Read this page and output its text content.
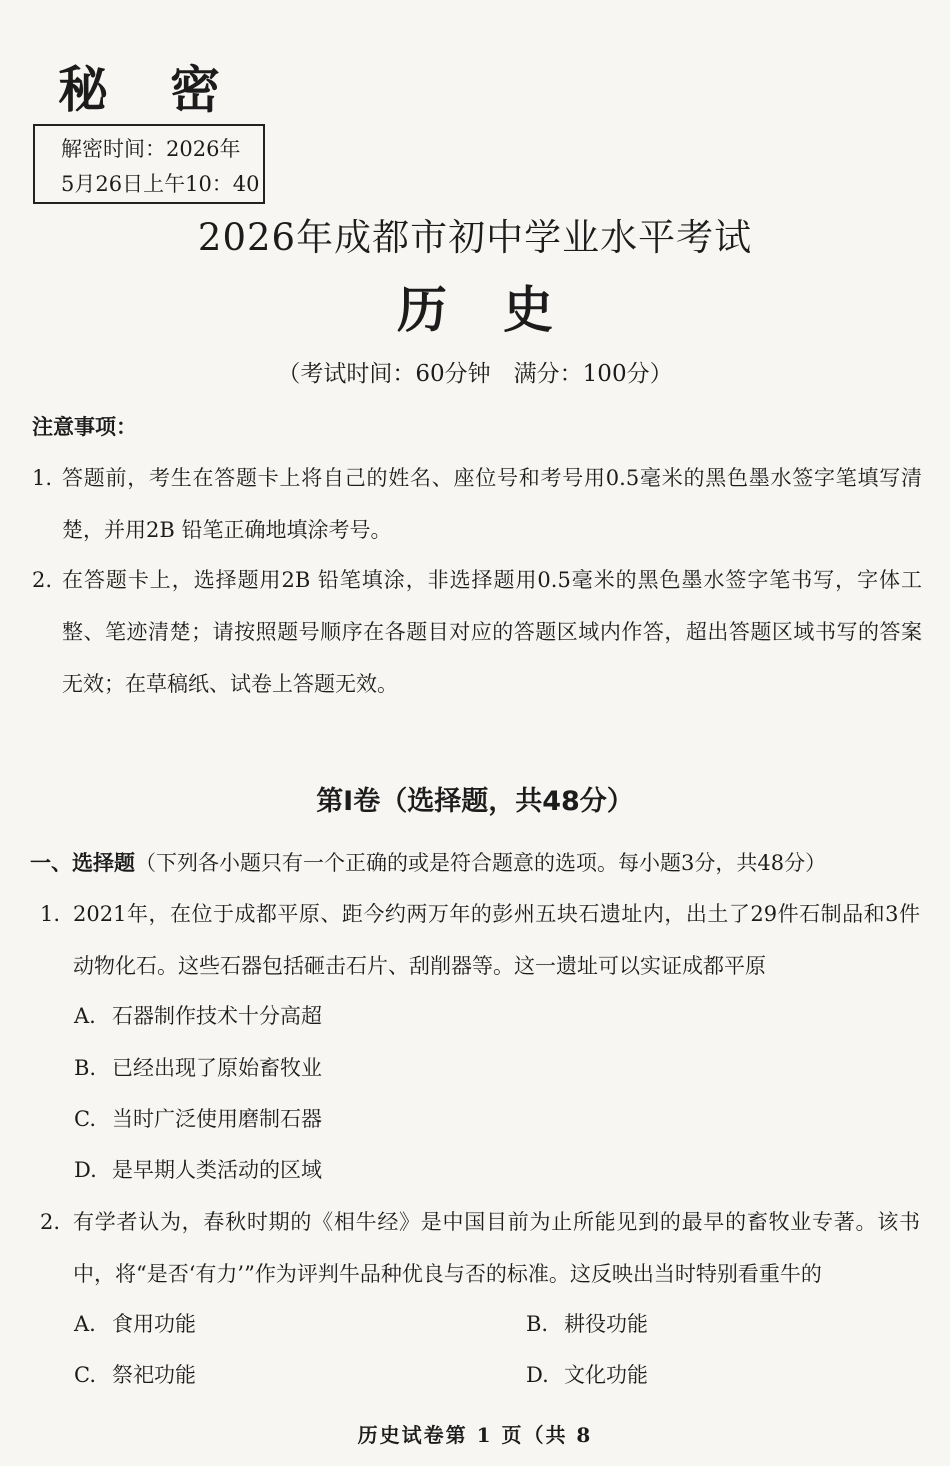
秘密
解密时间：2026年
5月26日上午10：40
2026年成都市初中学业水平考试
历史
（考试时间：60分钟　满分：100分）
注意事项：
1. 答题前，考生在答题卡上将自己的姓名、座位号和考号用0.5毫米的黑色墨水签字笔填写清楚，并用2B 铅笔正确地填涂考号。
2. 在答题卡上，选择题用2B 铅笔填涂，非选择题用0.5毫米的黑色墨水签字笔书写，字体工整、笔迹清楚；请按照题号顺序在各题目对应的答题区域内作答，超出答题区域书写的答案无效；在草稿纸、试卷上答题无效。
第Ⅰ卷（选择题，共48分）
一、选择题（下列各小题只有一个正确的或是符合题意的选项。每小题3分，共48分）
1. 2021年，在位于成都平原、距今约两万年的彭州五块石遗址内，出土了29件石制品和3件动物化石。这些石器包括砸击石片、刮削器等。这一遗址可以实证成都平原
A. 石器制作技术十分高超
B. 已经出现了原始畜牧业
C. 当时广泛使用磨制石器
D. 是早期人类活动的区域
2. 有学者认为，春秋时期的《相牛经》是中国目前为止所能见到的最早的畜牧业专著。该书中，将“是否‘有力’”作为评判牛品种优良与否的标准。这反映出当时特别看重牛的
A. 食用功能	B. 耕役功能
C. 祭祀功能	D. 文化功能
历史试卷第 1 页（共 8
